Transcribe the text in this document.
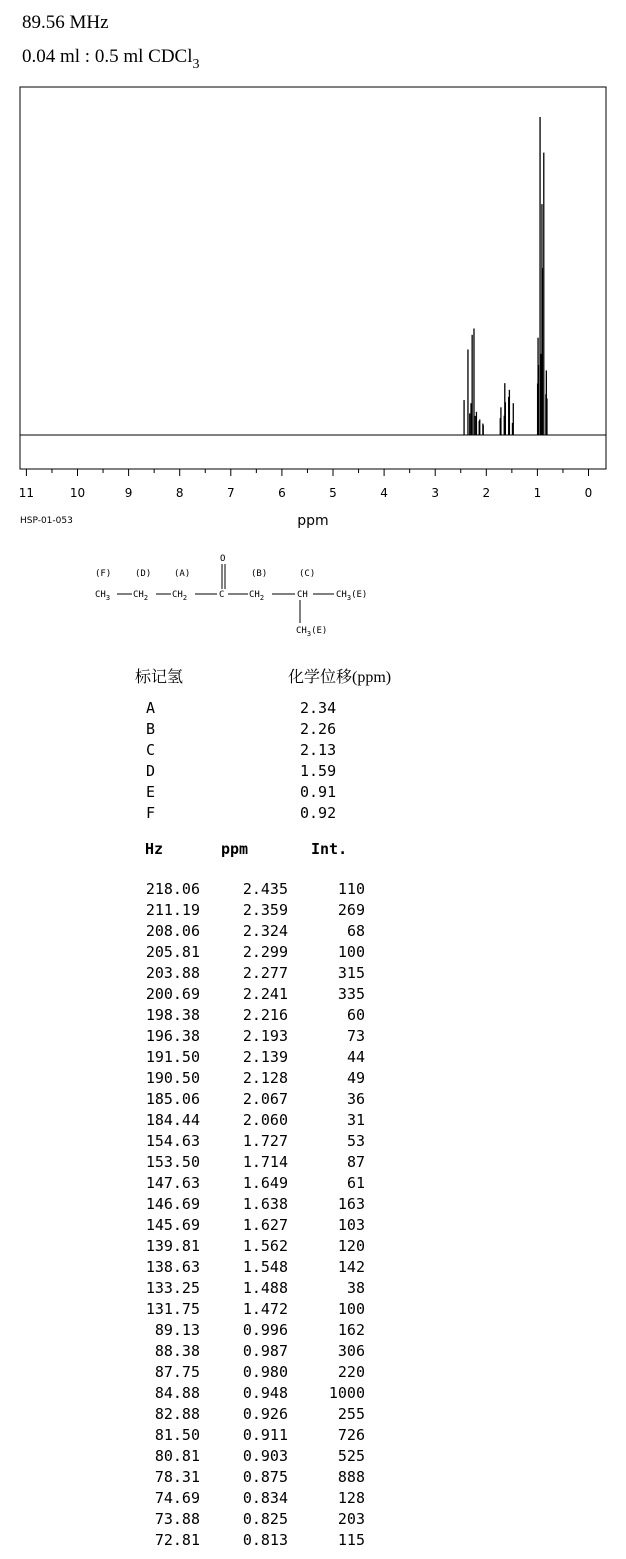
89.56 MHz
0.04 ml : 0.5 ml CDCl$_3$
11	10	9	8	7	6	5	4	3	2	1	0
ppm
(F)	(D)	(A)
O
(B)	(C)
$CH_3$	$CH_2$	$CH_2$	C	$CH_2$	CH	$CH_3(E)$
$CH_3(E)$
HSP-01-053
标记氢	化学位移(ppm)
A	2.34
B	2.26
C	2.13
D	1.59
E	0.91
F	0.92
Hz	ppm	Int.
218.06	2.435	110
211.19	2.359	269
208.06	2.324	68
205.81	2.299	100
203.88	2.277	315
200.69	2.241	335
198.38	2.216	60
196.38	2.193	73
191.50	2.139	44
190.50	2.128	49
185.06	2.067	36
184.44	2.060	31
154.63	1.727	53
153.50	1.714	87
147.63	1.649	61
146.69	1.638	163
145.69	1.627	103
139.81	1.562	120
138.63	1.548	142
133.25	1.488	38
131.75	1.472	100
89.13	0.996	162
88.38	0.987	306
87.75	0.980	220
84.88	0.948	1000
82.88	0.926	255
81.50	0.911	726
80.81	0.903	525
78.31	0.875	888
74.69	0.834	128
73.88	0.825	203
72.81	0.813	115
